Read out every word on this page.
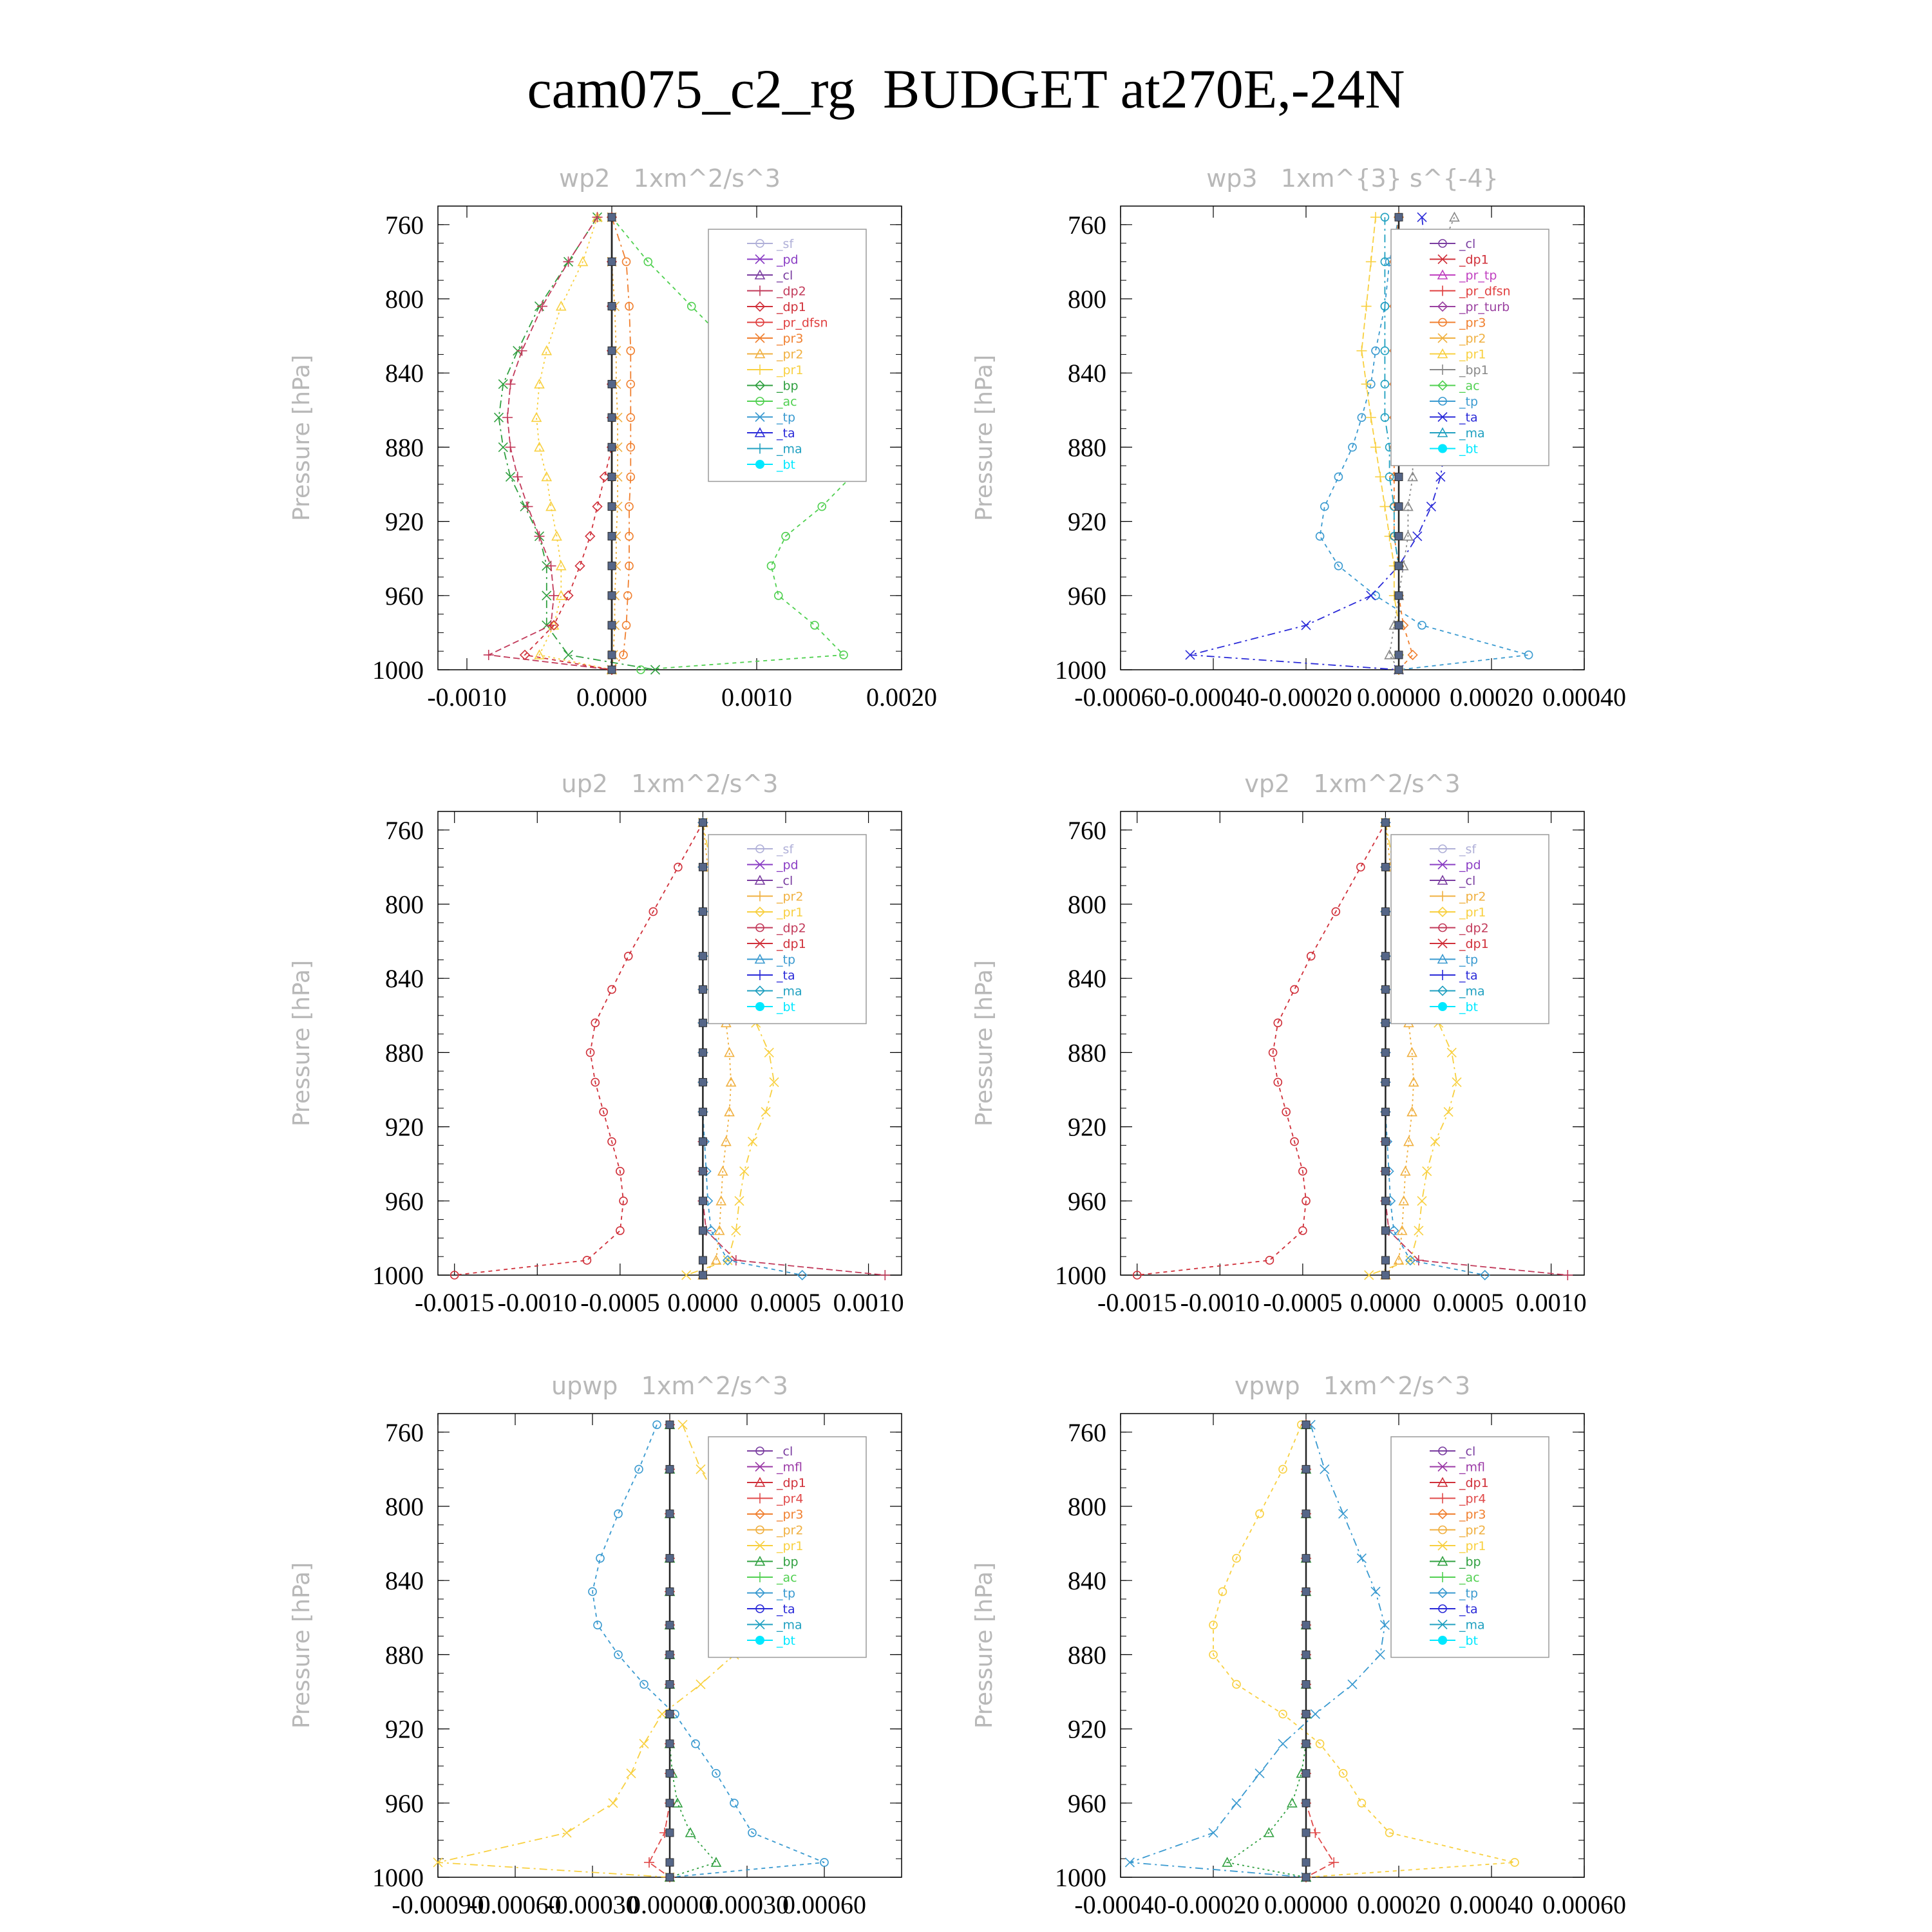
cam075_c2_rg  BUDGET at270E,-24N
wp2   1xm^2/s^3
Pressure [hPa]
760
800
840
880
920
960
1000
-0.0010	0.0000	0.0010	0.0020
_sf
_pd
_cl
_dp2
_dp1
_pr_dfsn
_pr3
_pr2
_pr1
_bp
_ac
_tp
_ta
_ma
_bt
wp3   1xm^{3} s^{-4}
Pressure [hPa]
760
800
840
880
920
960
1000
-0.00060 -0.00040 -0.00020 0.00000 0.00020 0.00040
_cl
_dp1
_pr_tp
_pr_dfsn
_pr_turb
_pr3
_pr2
_pr1
_bp1
_ac
_tp
_ta
_ma
_bt
up2   1xm^2/s^3
Pressure [hPa]
760
800
840
880
920
960
1000
-0.0015 -0.0010 -0.0005 0.0000 0.0005 0.0010
_sf
_pd
_cl
_pr2
_pr1
_dp2
_dp1
_tp
_ta
_ma
_bt
vp2   1xm^2/s^3
Pressure [hPa]
760
800
840
880
920
960
1000
-0.0015 -0.0010 -0.0005 0.0000 0.0005 0.0010
_sf
_pd
_cl
_pr2
_pr1
_dp2
_dp1
_tp
_ta
_ma
_bt
upwp   1xm^2/s^3
Pressure [hPa]
760
800
840
880
920
960
1000
-0.00090
-0.00060
-0.00030
0.00000
0.00030
0.00060
_cl
_mfl
_dp1
_pr4
_pr3
_pr2
_pr1
_bp
_ac
_tp
_ta
_ma
_bt
vpwp   1xm^2/s^3
Pressure [hPa]
760
800
840
880
920
960
1000
-0.00040 -0.00020 0.00000 0.00020 0.00040 0.00060
_cl
_mfl
_dp1
_pr4
_pr3
_pr2
_pr1
_bp
_ac
_tp
_ta
_ma
_bt
